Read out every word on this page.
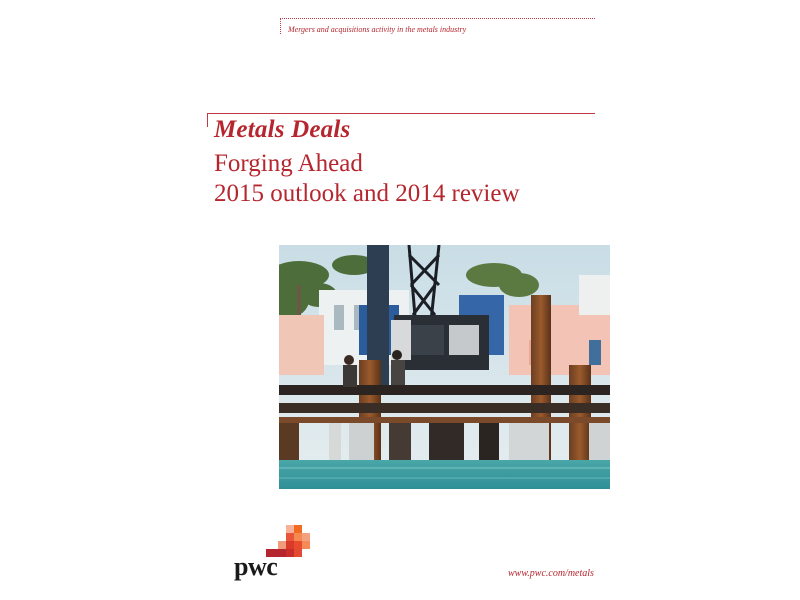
Mergers and acquisitions activity in the metals industry
Metals Deals
Forging Ahead
2015 outlook and 2014 review
pwc	www.pwc.com/metals
